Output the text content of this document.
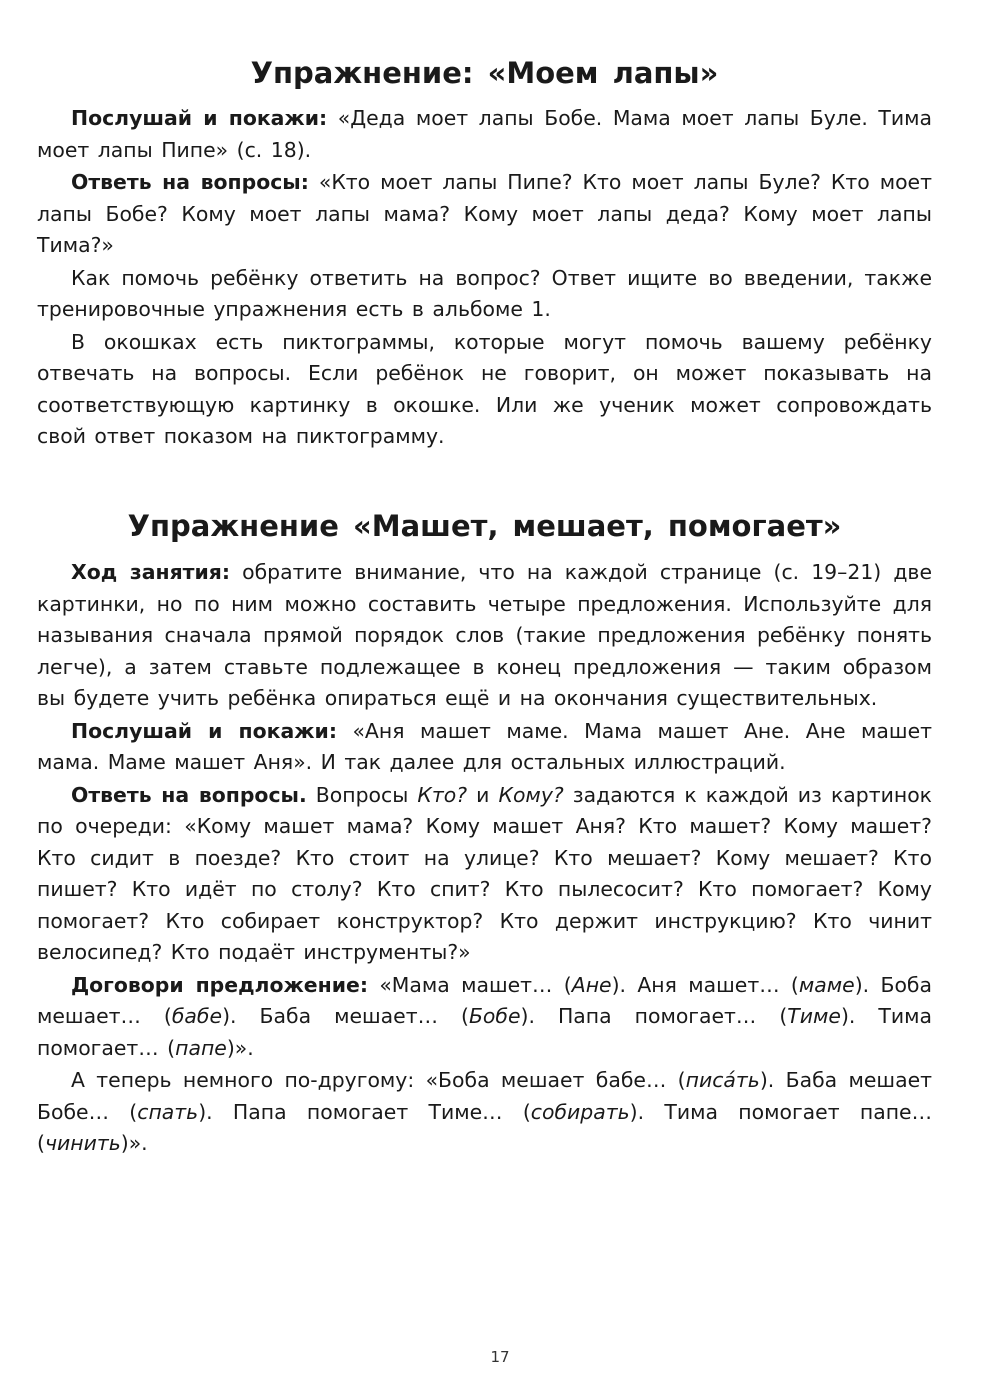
Упражнение: «Моем лапы»

Послушай и покажи: «Деда моет лапы Бобе. Мама моет лапы Буле. Тима моет лапы Пипе» (с. 18).

Ответь на вопросы: «Кто моет лапы Пипе? Кто моет лапы Буле? Кто моет лапы Бобе? Кому моет лапы мама? Кому моет лапы деда? Кому моет лапы Тима?»

Как помочь ребёнку ответить на вопрос? Ответ ищите во введении, также тренировочные упражнения есть в альбоме 1.

В окошках есть пиктограммы, которые могут помочь вашему ребёнку отвечать на вопросы. Если ребёнок не говорит, он может показывать на соответствующую картинку в окошке. Или же ученик может сопровождать свой ответ показом на пиктограмму.

Упражнение «Машет, мешает, помогает»

Ход занятия: обратите внимание, что на каждой странице (с. 19–21) две картинки, но по ним можно составить четыре предложения. Используйте для называния сначала прямой порядок слов (такие предложения ребёнку понять легче), а затем ставьте подлежащее в конец предложения — таким образом вы будете учить ребёнка опираться ещё и на окончания существительных.

Послушай и покажи: «Аня машет маме. Мама машет Ане. Ане машет мама. Маме машет Аня». И так далее для остальных иллюстраций.

Ответь на вопросы. Вопросы Кто? и Кому? задаются к каждой из картинок по очереди: «Кому машет мама? Кому машет Аня? Кто машет? Кому машет? Кто сидит в поезде? Кто стоит на улице? Кто мешает? Кому мешает? Кто пишет? Кто идёт по столу? Кто спит? Кто пылесосит? Кто помогает? Кому помогает? Кто собирает конструктор? Кто держит инструкцию? Кто чинит велосипед? Кто подаёт инструменты?»

Договори предложение: «Мама машет… (Ане). Аня машет… (маме). Боба мешает… (бабе). Баба мешает… (Бобе). Папа помогает… (Тиме). Тима помогает… (папе)».

А теперь немного по-другому: «Боба мешает бабе… (писáть). Баба мешает Бобе… (спать). Папа помогает Тиме… (собирать). Тима помогает папе… (чинить)».

17
